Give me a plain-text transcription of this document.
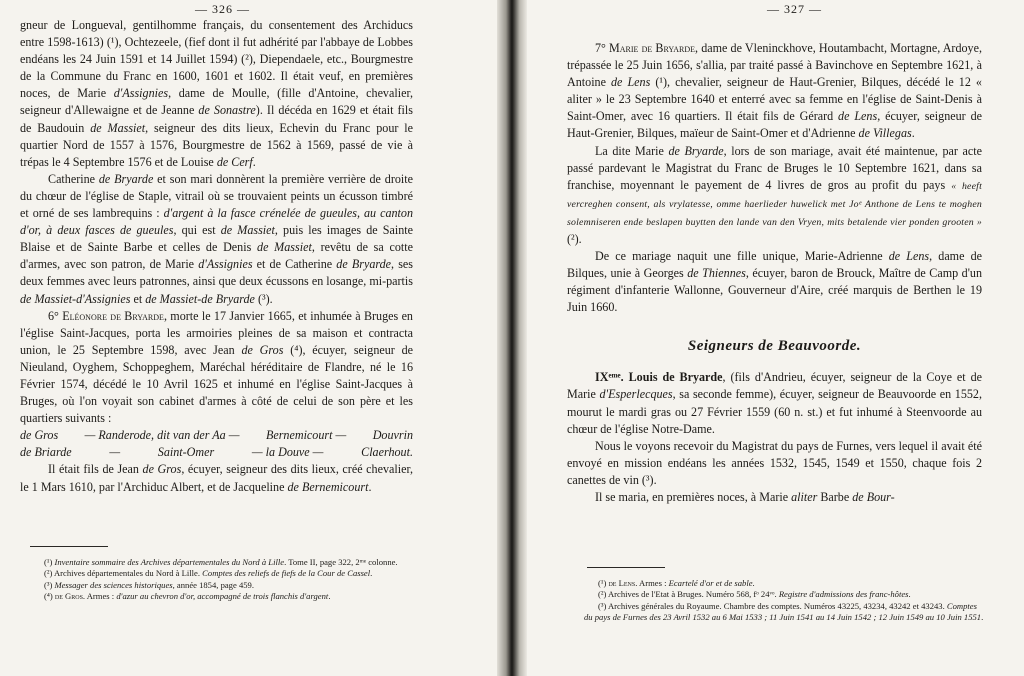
— 326 —

gneur de Longueval, gentilhomme français, du consentement des Archiducs entre 1598-1613) (¹), Ochtezeele, (fief dont il fut adhérité par l'abbaye de Lobbes endéans les 24 Juin 1591 et 14 Juillet 1594) (²), Diependaele, etc., Bourgmestre de la Commune du Franc en 1600, 1601 et 1602. Il était veuf, en premières noces, de Marie d'Assignies, dame de Moulle, (fille d'Antoine, chevalier, seigneur d'Allewaigne et de Jeanne de Sonastre). Il décéda en 1629 et était fils de Baudouin de Massiet, seigneur des dits lieux, Echevin du Franc pour le quartier Nord de 1557 à 1576, Bourgmestre de 1562 à 1569, passé de vie à trépas le 4 Septembre 1576 et de Louise de Cerf.

Catherine de Bryarde et son mari donnèrent la première verrière de droite du chœur de l'église de Staple, vitrail où se trouvaient peints un écusson timbré et orné de ses lambrequins : d'argent à la fasce crénelée de gueules, au canton d'or, à deux fasces de gueules, qui est de Massiet, puis les images de Sainte Blaise et de Sainte Barbe et celles de Denis de Massiet, revêtu de sa cotte d'armes, avec son patron, de Marie d'Assignies et de Catherine de Bryarde, ses deux femmes avec leurs patronnes, ainsi que deux écussons en losange, mi-partis de Massiet-d'Assignies et de Massiet-de Bryarde (³).

6° Eléonore de Bryarde, morte le 17 Janvier 1665, et inhumée à Bruges en l'église Saint-Jacques, porta les armoiries pleines de sa maison et contracta union, le 25 Septembre 1598, avec Jean de Gros (⁴), écuyer, seigneur de Nieuland, Oyghem, Schoppeghem, Maréchal héréditaire de Flandre, né le 16 Février 1574, décédé le 10 Avril 1625 et inhumé en l'église Saint-Jacques à Bruges, où l'on voyait son cabinet d'armes à côté de celui de son père et les quartiers suivants :

de Gros — Randerode, dit van der Aa — Bernemicourt — Douvrin
de Briarde	—	Saint-Omer	— la Douve —	Claerhout.

Il était fils de Jean de Gros, écuyer, seigneur des dits lieux, créé chevalier, le 1 Mars 1610, par l'Archiduc Albert, et de Jacqueline de Bernemicourt.

(¹) Inventaire sommaire des Archives départementales du Nord à Lille. Tome II, page 322, 2ᵐᵉ colonne.

(²) Archives départementales du Nord à Lille. Comptes des reliefs de fiefs de la Cour de Cassel.

(³) Messager des sciences historiques, année 1854, page 459.

(⁴) de Gros. Armes : d'azur au chevron d'or, accompagné de trois flanchis d'argent.

— 327 —

7° Marie de Bryarde, dame de Vleninckhove, Houtambacht, Mortagne, Ardoye, trépassée le 25 Juin 1656, s'allia, par traité passé à Bavinchove en Septembre 1621, à Antoine de Lens (¹), chevalier, seigneur de Haut-Grenier, Bilques, décédé le 12 « aliter » le 23 Septembre 1640 et enterré avec sa femme en l'église de Saint-Denis à Saint-Omer, avec 16 quartiers. Il était fils de Gérard de Lens, écuyer, seigneur de Haut-Grenier, Bilques, maïeur de Saint-Omer et d'Adrienne de Villegas.

La dite Marie de Bryarde, lors de son mariage, avait été maintenue, par acte passé pardevant le Magistrat du Franc de Bruges le 10 Septembre 1621, dans sa franchise, moyennant le payement de 4 livres de gros au profit du pays « heeft vercreghen consent, als vrylatesse, omme haerlieder huwelick met Joᵉ Anthone de Lens te moghen solemniseren ende beslapen buytten den lande van den Vryen, mits betalende vier ponden grooten » (²).

De ce mariage naquit une fille unique, Marie-Adrienne de Lens, dame de Bilques, unie à Georges de Thiennes, écuyer, baron de Brouck, Maître de Camp d'un régiment d'infanterie Wallonne, Gouverneur d'Aire, créé marquis de Berthen le 19 Juin 1660.

Seigneurs de Beauvoorde.

IXᵉᵐᵉ. Louis de Bryarde, (fils d'Andrieu, écuyer, seigneur de la Coye et de Marie d'Esperlecques, sa seconde femme), écuyer, seigneur de Beauvoorde en 1552, mourut le mardi gras ou 27 Février 1559 (60 n. st.) et fut inhumé à Steenvoorde au chœur de l'église Notre-Dame.

Nous le voyons recevoir du Magistrat du pays de Furnes, vers lequel il avait été envoyé en mission endéans les années 1532, 1545, 1549 et 1550, chaque fois 2 canettes de vin (³).

Il se maria, en premières noces, à Marie aliter Barbe de Bour-

(¹) de Lens. Armes : Ecartelé d'or et de sable.

(²) Archives de l'Etat à Bruges. Numéro 568, fᵒ 24ᵛᵒ. Registre d'admissions des franc-hôtes.

(³) Archives générales du Royaume. Chambre des comptes. Numéros 43225, 43234, 43242 et 43243. Comptes du pays de Furnes des 23 Avril 1532 au 6 Mai 1533 ; 11 Juin 1541 au 14 Juin 1542 ; 12 Juin 1549 au 10 Juin 1551.
